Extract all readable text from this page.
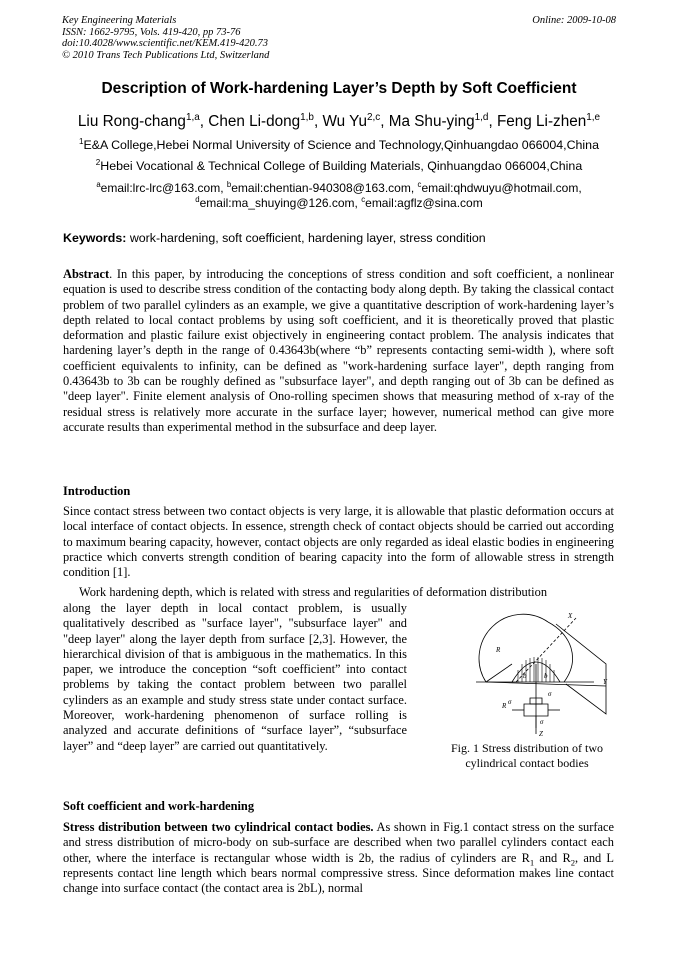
Key Engineering Materials
ISSN: 1662-9795, Vols. 419-420, pp 73-76
doi:10.4028/www.scientific.net/KEM.419-420.73
© 2010 Trans Tech Publications Ltd, Switzerland
Online: 2009-10-08
Description of Work-hardening Layer’s Depth by Soft Coefficient
Liu Rong-chang$^{1,a}$, Chen Li-dong$^{1,b}$, Wu Yu$^{2,c}$, Ma Shu-ying$^{1,d}$, Feng Li-zhen$^{1,e}$
$^1$E&A College,Hebei Normal University of Science and Technology,Qinhuangdao 066004,China
$^2$Hebei Vocational & Technical College of Building Materials, Qinhuangdao 066004,China
$^a$email:lrc-lrc@163.com, $^b$email:chentian-940308@163.com, $^c$email:qhdwuyu@hotmail.com,
$^d$email:ma_shuying@126.com, $^c$email:agflz@sina.com
Keywords: work-hardening, soft coefficient, hardening layer, stress condition

Abstract. In this paper, by introducing the conceptions of stress condition and soft coefficient, a nonlinear equation is used to describe stress condition of the contacting body along depth. By taking the classical contact problem of two parallel cylinders as an example, we give a quantitative description of work-hardening layer’s depth related to local contact problems by using soft coefficient, and it is theoretically proved that plastic deformation and plastic failure exist objectively in engineering contact problem. The analysis indicates that hardening layer’s depth in the range of 0.43643b(where “b” represents contacting semi-width ), where soft coefficient equivalents to infinity, can be defined as "work-hardening surface layer", depth ranging from 0.43643b to 3b can be roughly defined as "subsurface layer", and depth ranging out of 3b can be defined as "deep layer". Finite element analysis of Ono-rolling specimen shows that measuring method of x-ray of the residual stress is relatively more accurate in the surface layer; however, numerical method can give more accurate results than experimental method in the subsurface and deep layer.

Introduction

Since contact stress between two contact objects is very large, it is allowable that plastic deformation occurs at local interface of contact objects. In essence, strength check of contact objects should be carried out according to maximum bearing capacity, however, contact objects are only regarded as ideal elastic bodies in engineering practice which converts strength condition of bearing capacity into the form of allowable stress in strength condition [1].

Work hardening depth, which is related with stress and regularities of deformation distribution

along the layer depth in local contact problem, is usually qualitatively described as "surface layer", "subsurface layer" and "deep layer" along the layer depth from surface [2,3]. However, the hierarchical division of that is ambiguous in the mathematics. In this paper, we introduce the conception “soft coefficient” into contact problems by taking the contact problem between two parallel cylinders as an example and study stress state under contact surface. Moreover, work-hardening phenomenon of surface rolling is analyzed and accurate definitions of “surface layer”, “subsurface layer” and “deep layer” are carried out quantitatively.

X
Y
Z
R
R
σ
σ
σ
b	b
Fig. 1 Stress distribution of two
cylindrical contact bodies
Soft coefficient and work-hardening

Stress distribution between two cylindrical contact bodies. As shown in Fig.1 contact stress on the surface and stress distribution of micro-body on sub-surface are described when two parallel cylinders contact each other, where the interface is rectangular whose width is 2b, the radius of cylinders are $R_1$ and $R_2$, and L represents contact line length which bears normal compressive stress. Since deformation makes line contact change into surface contact (the contact area is 2bL), normal
